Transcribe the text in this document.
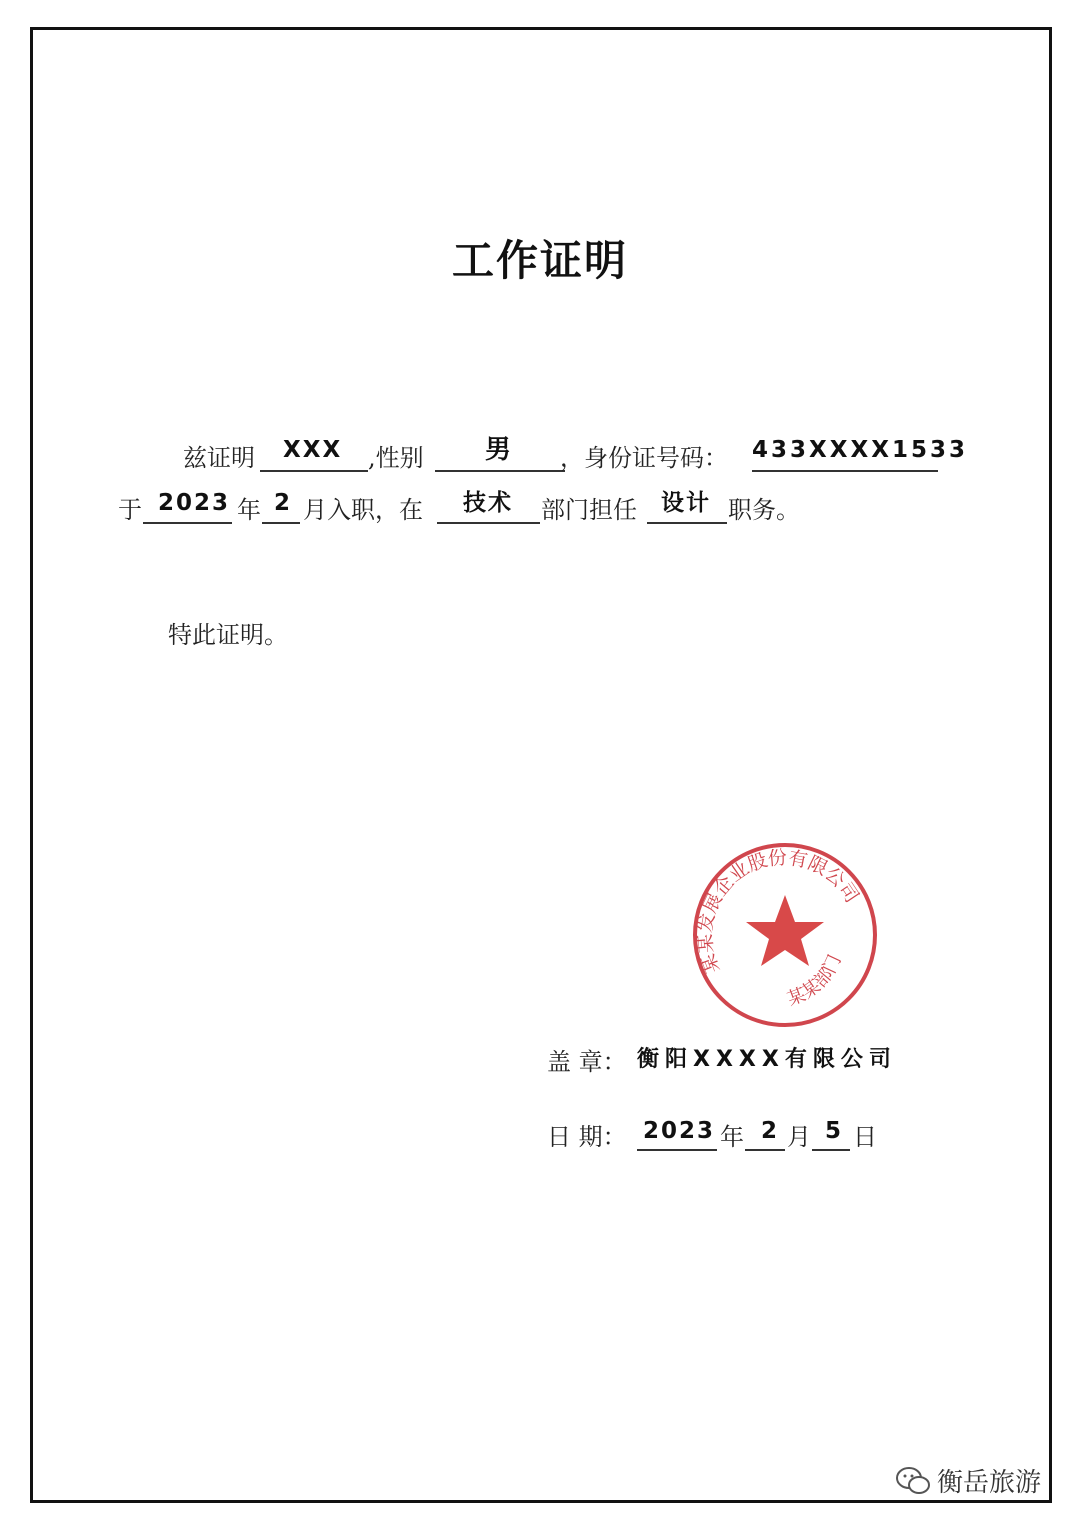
工作证明
兹证明 XXX ,性别 男 ，身份证号码： 433XXXX1533
于 2023 年 2 月入职，在 技术 部门担任 设计 职务。
特此证明。
盖 章： 衡阳XXXX有限公司
日 期： 2023 年 2 月 5 日
某某发展企业股份有限公司
某某部门
衡岳旅游
